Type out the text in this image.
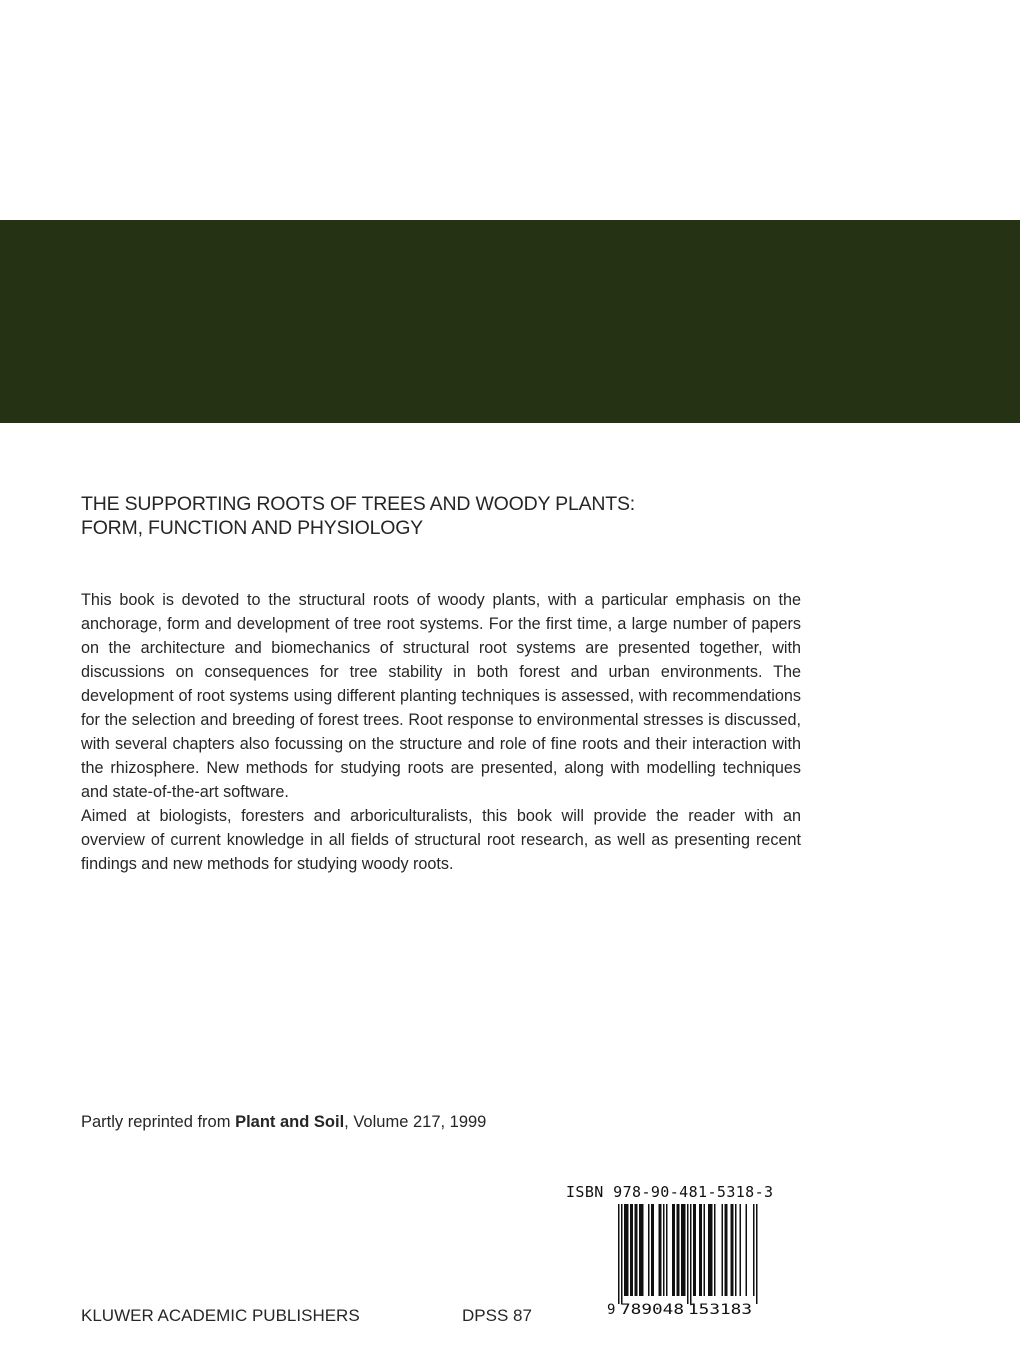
THE SUPPORTING ROOTS OF TREES AND WOODY PLANTS:
FORM, FUNCTION AND PHYSIOLOGY

This book is devoted to the structural roots of woody plants, with a particular emphasis on the anchorage, form and development of tree root systems. For the first time, a large number of papers on the architecture and biomechanics of structural root systems are presented together, with discussions on consequences for tree stability in both forest and urban environments. The development of root systems using different planting techniques is assessed, with recommendations for the selection and breeding of forest trees. Root response to environmental stresses is discussed, with several chapters also focussing on the structure and role of fine roots and their interaction with the rhizosphere. New methods for studying roots are presented, along with modelling techniques and state-of-the-art software.

Aimed at biologists, foresters and arboriculturalists, this book will provide the reader with an overview of current knowledge in all fields of structural root research, as well as presenting recent findings and new methods for studying woody roots.

Partly reprinted from Plant and Soil, Volume 217, 1999
ISBN 978-90-481-5318-3
9 789048 153183
KLUWER ACADEMIC PUBLISHERS	DPSS 87
